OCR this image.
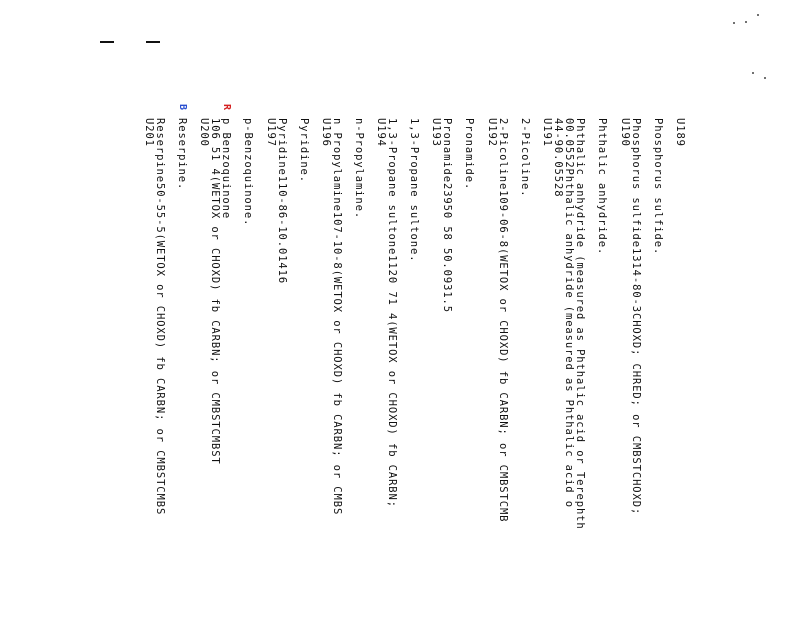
U189
Phosphorus sulfide.
Phosphorus sulfide1314-80-3CHOXD; CHRED; or CMBSTCHOXD;
U190
Phthalic anhydride.
Phthalic anhydride (measured as Phthalic acid or Terephth
00.0552Phthalic anhydride (measured as Phthalic acid o
44-90.05528
U191
2-Picoline.
2-Picoline109-06-8(WETOX or CHOXD) fb CARBN; or CMBSTCMB
U192
Pronamide.
Pronamide23950 58 50.0931.5
U193
1,3-Propane sultone.
1,3-Propane sultone1120 71 4(WETOX or CHOXD) fb CARBN;
U194
n-Propylamine.
n Propylamine107-10-8(WETOX or CHOXD) fb CARBN; or CMBS
U196
Pyridine.
Pyridine110-86-10.01416
U197
p-Benzoquinone.
p Benzoquinone
106 51 4(WETOX or CHOXD) fb CARBN; or CMBSTCMBST
U200
Reserpine.
Reserpine50-55-5(WETOX or CHOXD) fb CARBN; or CMBSTCMBS
U201
R
B
